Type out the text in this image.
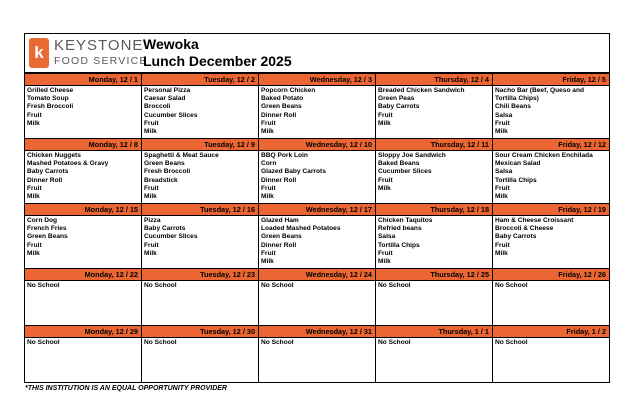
k KEYSTONE
FOOD SERVICE
Wewoka
Lunch December 2025
Monday, 12 / 1
Grilled Cheese
Tomato Soup
Fresh Broccoli
Fruit
Milk
Tuesday, 12 / 2
Personal Pizza
Caesar Salad
Broccoli
Cucumber Slices
Fruit
Milk
Wednesday, 12 / 3
Popcorn Chicken
Baked Potato
Green Beans
Dinner Roll
Fruit
Milk
Thursday, 12 / 4
Breaded Chicken Sandwich
Green Peas
Baby Carrots
Fruit
Milk
Friday, 12 / 5
Nacho Bar (Beef, Queso and
Tortilla Chips)
Chili Beans
Salsa
Fruit
Milk
Monday, 12 / 8
Chicken Nuggets
Mashed Potatoes & Gravy
Baby Carrots
Dinner Roll
Fruit
Milk
Tuesday, 12 / 9
Spaghetti & Meat Sauce
Green Beans
Fresh Broccoli
Breadstick
Fruit
Milk
Wednesday, 12 / 10
BBQ Pork Loin
Corn
Glazed Baby Carrots
Dinner Roll
Fruit
Milk
Thursday, 12 / 11
Sloppy Joe Sandwich
Baked Beans
Cucumber Slices
Fruit
Milk
Friday, 12 / 12
Sour Cream Chicken Enchilada
Mexican Salad
Salsa
Tortilla Chips
Fruit
Milk
Monday, 12 / 15
Corn Dog
French Fries
Green Beans
Fruit
Milk
Tuesday, 12 / 16
Pizza
Baby Carrots
Cucumber Slices
Fruit
Milk
Wednesday, 12 / 17
Glazed Ham
Loaded Mashed Potatoes
Green Beans
Dinner Roll
Fruit
Milk
Thursday, 12 / 18
Chicken Taquitos
Refried beans
Salsa
Tortilla Chips
Fruit
Milk
Friday, 12 / 19
Ham & Cheese Croissant
Broccoli & Cheese
Baby Carrots
Fruit
Milk
Monday, 12 / 22
No School
Tuesday, 12 / 23
No School
Wednesday, 12 / 24
No School
Thursday, 12 / 25
No School
Friday, 12 / 26
No School
Monday, 12 / 29
No School
Tuesday, 12 / 30
No School
Wednesday, 12 / 31
No School
Thursday, 1 / 1
No School
Friday, 1 / 2
No School
*THIS INSTITUTION IS AN EQUAL OPPORTUNITY PROVIDER
